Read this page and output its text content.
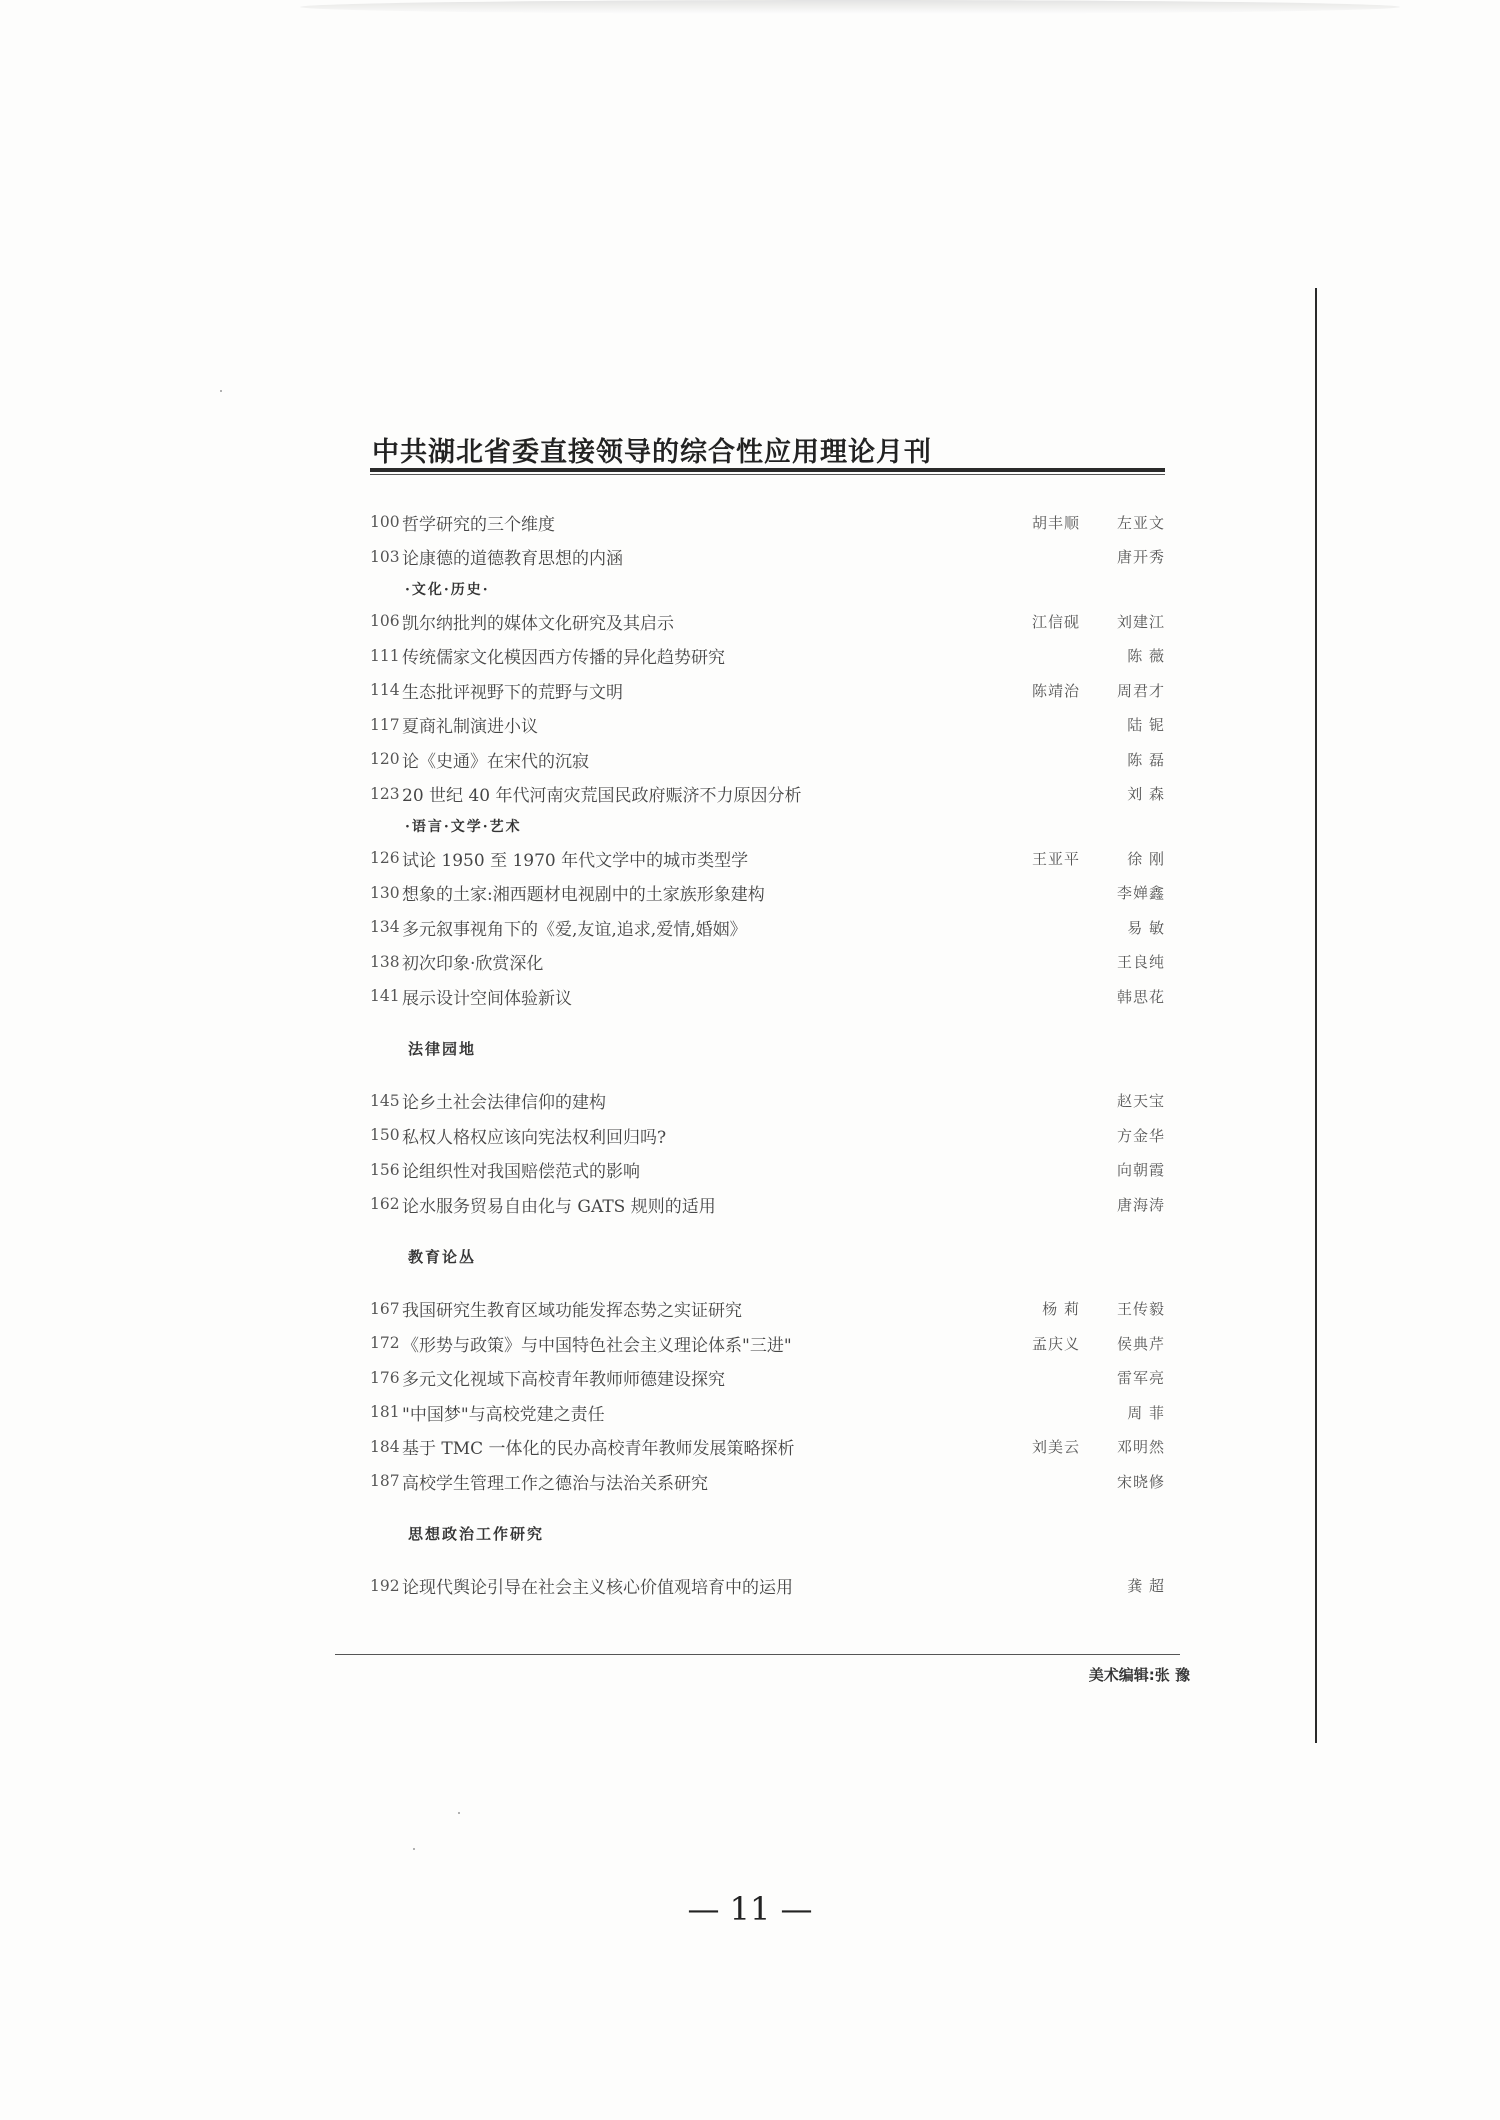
中共湖北省委直接领导的综合性应用理论月刊
100 哲学研究的三个维度	胡丰顺	左亚文
103 论康德的道德教育思想的内涵	唐开秀
·文化·历史·
106 凯尔纳批判的媒体文化研究及其启示	江信砚	刘建江
111 传统儒家文化模因西方传播的异化趋势研究	陈 薇
114 生态批评视野下的荒野与文明	陈靖治	周君才
117 夏商礼制演进小议	陆 铌
120 论《史通》在宋代的沉寂	陈 磊
123 20 世纪 40 年代河南灾荒国民政府赈济不力原因分析	刘 森
·语言·文学·艺术
126 试论 1950 至 1970 年代文学中的城市类型学	王亚平	徐 刚
130 想象的土家:湘西题材电视剧中的土家族形象建构	李婵鑫
134 多元叙事视角下的《爱,友谊,追求,爱情,婚姻》	易 敏
138 初次印象·欣赏深化	王良纯
141 展示设计空间体验新议	韩思花
法律园地
145 论乡土社会法律信仰的建构	赵天宝
150 私权人格权应该向宪法权利回归吗?	方金华
156 论组织性对我国赔偿范式的影响	向朝霞
162 论水服务贸易自由化与 GATS 规则的适用	唐海涛
教育论丛
167 我国研究生教育区域功能发挥态势之实证研究	杨 莉	王传毅
172 《形势与政策》与中国特色社会主义理论体系"三进"	孟庆义	侯典芹
176 多元文化视域下高校青年教师师德建设探究	雷军亮
181 "中国梦"与高校党建之责任	周 菲
184 基于 TMC 一体化的民办高校青年教师发展策略探析	刘美云	邓明然
187 高校学生管理工作之德治与法治关系研究	宋晓修
思想政治工作研究
192 论现代舆论引导在社会主义核心价值观培育中的运用	龚 超
美术编辑:张 豫
— 11 —
